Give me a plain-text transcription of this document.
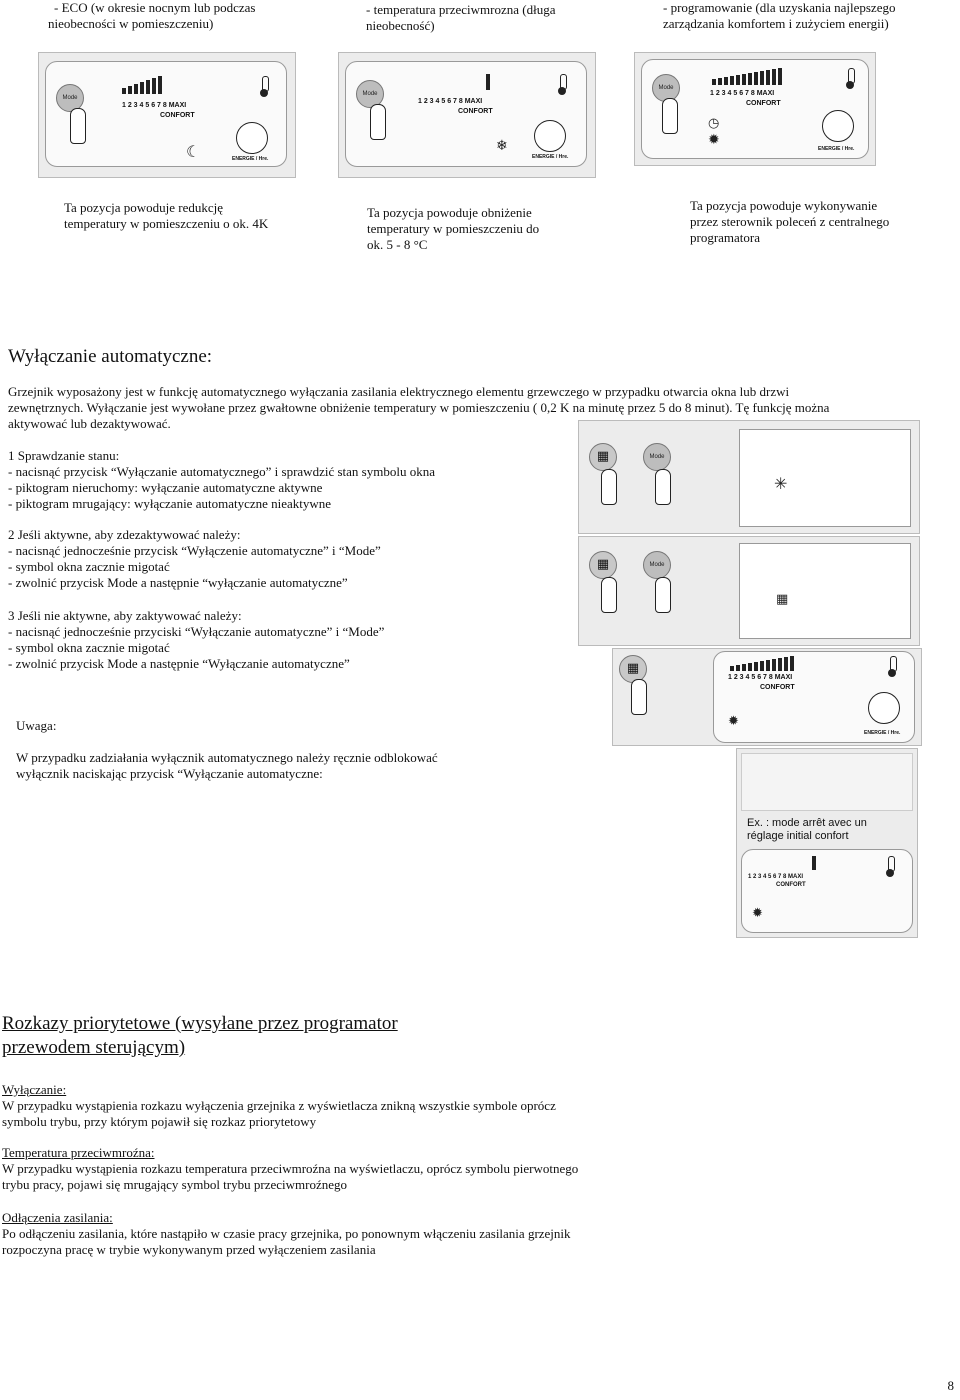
- ECO (w okresie nocnym lub podczas
nieobecności w pomieszczeniu)
- temperatura przeciwmrozna (długa
nieobecność)
- programowanie (dla uzyskania najlepszego
zarządzania komfortem i zużyciem energii)
Mode
1 2 3 4 5 6 7 8 MAXI
CONFORT
☾	ENERGIE / Hre.
Mode
1 2 3 4 5 6 7 8 MAXI
CONFORT
❄
ENERGIE / Hre.
Mode
1 2 3 4 5 6 7 8 MAXI
CONFORT
◷
✹
ENERGIE / Hre.
Ta pozycja powoduje redukcję
temperatury w pomieszczeniu o ok. 4K
Ta pozycja powoduje obniżenie
temperatury w pomieszczeniu do
ok. 5 - 8 °C
Ta pozycja powoduje wykonywanie
przez sterownik poleceń z centralnego
programatora
Wyłączanie automatyczne:
Grzejnik wyposażony jest w funkcję automatycznego wyłączania zasilania elektrycznego elementu grzewczego w przypadku otwarcia okna lub drzwi
zewnętrznych. Wyłączanie jest wywołane przez gwałtowne obniżenie temperatury w pomieszczeniu ( 0,2 K na minutę przez 5 do 8 minut). Tę funkcję można
aktywować lub dezaktywować.
1 Sprawdzanie stanu:
- nacisnąć przycisk “Wyłączanie automatycznego” i sprawdzić stan symbolu okna
- piktogram nieruchomy: wyłączanie automatyczne aktywne
- piktogram mrugający: wyłączanie automatyczne nieaktywne
2 Jeśli aktywne, aby zdezaktywować należy:
- nacisnąć jednocześnie przycisk “Wyłączenie automatyczne” i “Mode”
- symbol okna zacznie migotać
- zwolnić przycisk Mode a następnie “wyłączanie automatyczne”
3 Jeśli nie aktywne, aby zaktywować należy:
- nacisnąć jednocześnie przyciski “Wyłączanie automatyczne” i “Mode”
- symbol okna zacznie migotać
- zwolnić przycisk Mode a następnie “Wyłączanie automatyczne”
Uwaga:
W przypadku zadziałania wyłącznik automatycznego należy ręcznie odblokować
wyłącznik naciskając przycisk “Wyłączanie automatyczne:
▦	Mode
✳
▦	Mode
▦
▦
1 2 3 4 5 6 7 8 MAXI
CONFORT
✹
ENERGIE / Hre.
Ex. : mode arrêt avec un
réglage initial confort
1 2 3 4 5 6 7 8 MAXI
CONFORT
✹
Rozkazy priorytetowe (wysyłane przez programator
przewodem sterującym)
Wyłączanie:
W przypadku wystąpienia rozkazu wyłączenia grzejnika z wyświetlacza znikną wszystkie symbole oprócz
symbolu trybu, przy którym pojawił się rozkaz priorytetowy
Temperatura przeciwmroźna:
W przypadku wystąpienia rozkazu temperatura przeciwmroźna na wyświetlaczu, oprócz symbolu pierwotnego
trybu pracy, pojawi się mrugający symbol trybu przeciwmroźnego
Odłączenia zasilania:
Po odłączeniu zasilania, które nastąpiło w czasie pracy grzejnika, po ponownym włączeniu zasilania grzejnik
rozpoczyna pracę w trybie wykonywanym przed wyłączeniem zasilania
8
